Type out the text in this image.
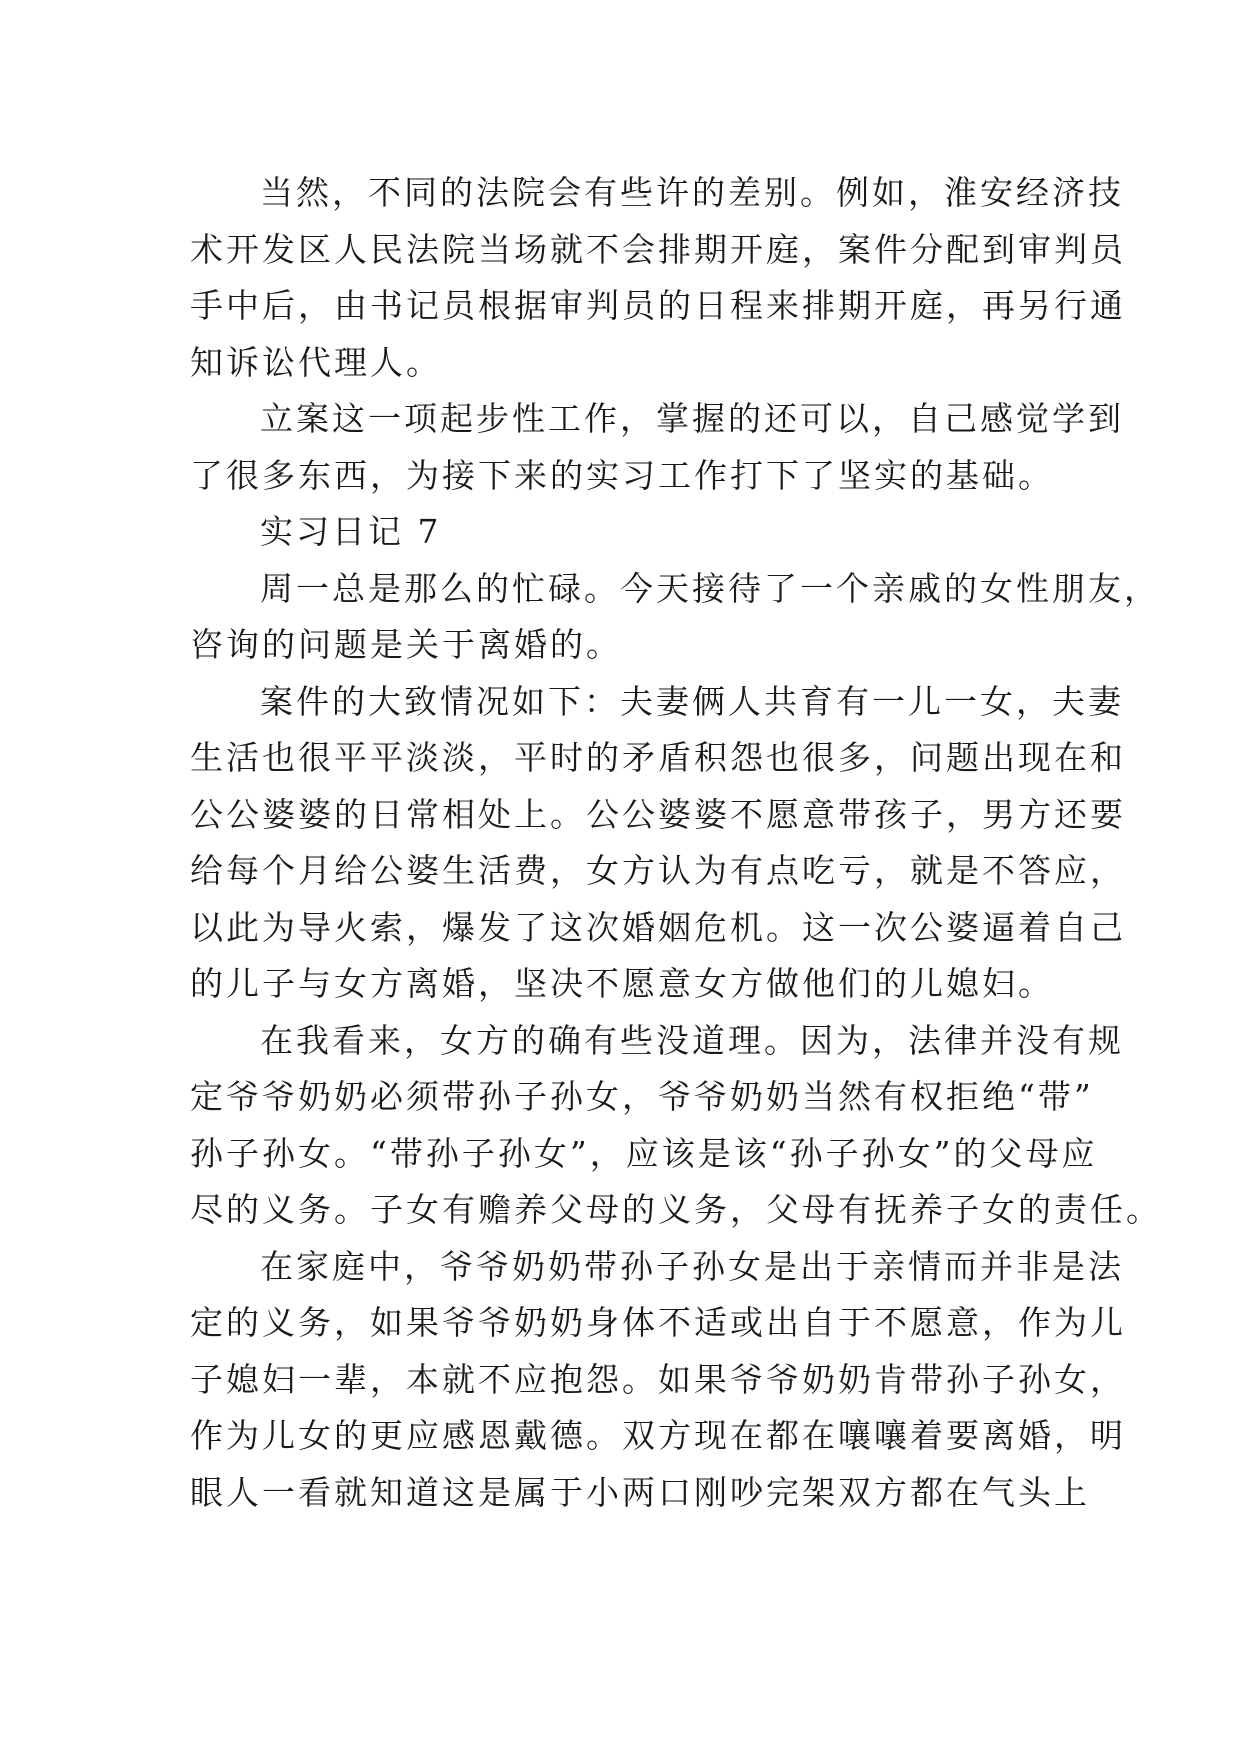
当然，不同的法院会有些许的差别。例如，淮安经济技
术开发区人民法院当场就不会排期开庭，案件分配到审判员
手中后，由书记员根据审判员的日程来排期开庭，再另行通
知诉讼代理人。
立案这一项起步性工作，掌握的还可以，自己感觉学到
了很多东西，为接下来的实习工作打下了坚实的基础。
实习日记 7
周一总是那么的忙碌。今天接待了一个亲戚的女性朋友，
咨询的问题是关于离婚的。
案件的大致情况如下：夫妻俩人共育有一儿一女，夫妻
生活也很平平淡淡，平时的矛盾积怨也很多，问题出现在和
公公婆婆的日常相处上。公公婆婆不愿意带孩子，男方还要
给每个月给公婆生活费，女方认为有点吃亏，就是不答应，
以此为导火索，爆发了这次婚姻危机。这一次公婆逼着自己
的儿子与女方离婚，坚决不愿意女方做他们的儿媳妇。
在我看来，女方的确有些没道理。因为，法律并没有规
定爷爷奶奶必须带孙子孙女，爷爷奶奶当然有权拒绝“带”
孙子孙女。“带孙子孙女”，应该是该“孙子孙女”的父母应
尽的义务。子女有赡养父母的义务，父母有抚养子女的责任。
在家庭中，爷爷奶奶带孙子孙女是出于亲情而并非是法
定的义务，如果爷爷奶奶身体不适或出自于不愿意，作为儿
子媳妇一辈，本就不应抱怨。如果爷爷奶奶肯带孙子孙女，
作为儿女的更应感恩戴德。双方现在都在嚷嚷着要离婚，明
眼人一看就知道这是属于小两口刚吵完架双方都在气头上
